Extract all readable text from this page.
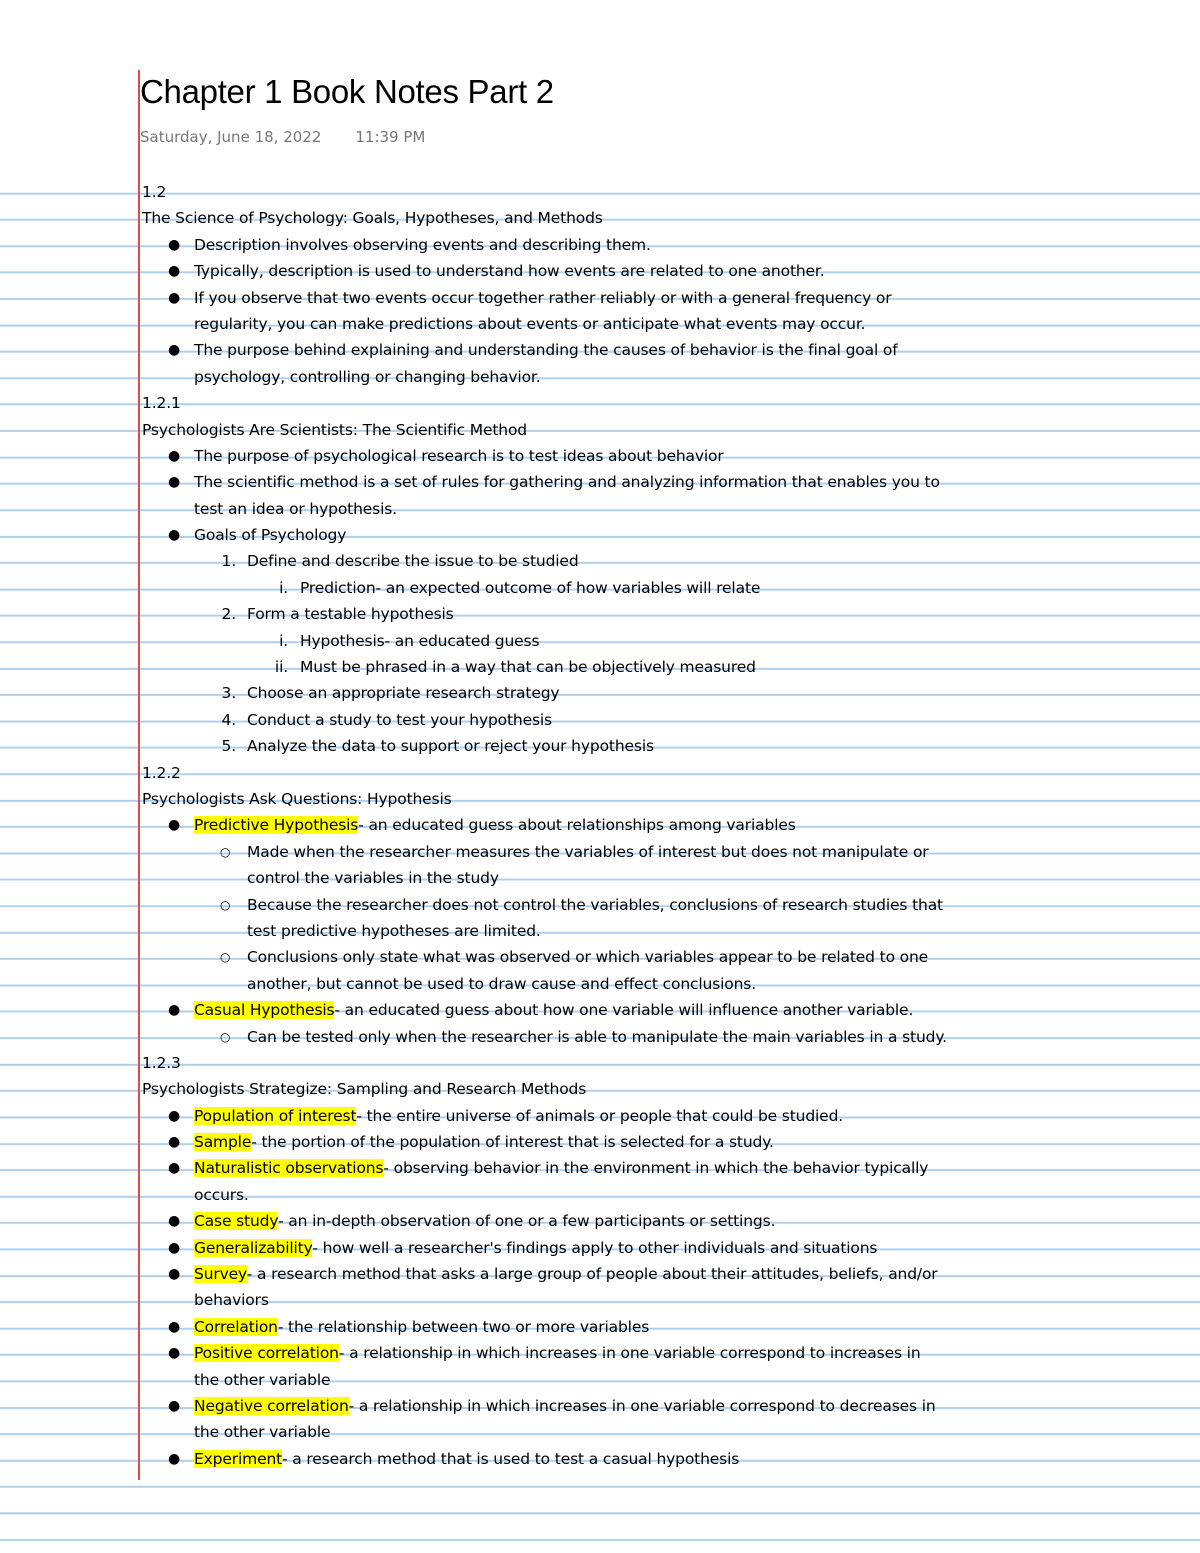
Chapter 1 Book Notes Part 2
Saturday, June 18, 2022 11:39 PM
1.2
The Science of Psychology: Goals, Hypotheses, and Methods
● Description involves observing events and describing them.
● Typically, description is used to understand how events are related to one another.
● If you observe that two events occur together rather reliably or with a general frequency or
regularity, you can make predictions about events or anticipate what events may occur.
● The purpose behind explaining and understanding the causes of behavior is the final goal of
psychology, controlling or changing behavior.
1.2.1
Psychologists Are Scientists: The Scientific Method
● The purpose of psychological research is to test ideas about behavior
● The scientific method is a set of rules for gathering and analyzing information that enables you to
test an idea or hypothesis.
● Goals of Psychology
1. Define and describe the issue to be studied
i. Prediction- an expected outcome of how variables will relate
2. Form a testable hypothesis
i. Hypothesis- an educated guess
ii. Must be phrased in a way that can be objectively measured
3. Choose an appropriate research strategy
4. Conduct a study to test your hypothesis
5. Analyze the data to support or reject your hypothesis
1.2.2
Psychologists Ask Questions: Hypothesis
● Predictive Hypothesis- an educated guess about relationships among variables
○ Made when the researcher measures the variables of interest but does not manipulate or
control the variables in the study
○ Because the researcher does not control the variables, conclusions of research studies that
test predictive hypotheses are limited.
○ Conclusions only state what was observed or which variables appear to be related to one
another, but cannot be used to draw cause and effect conclusions.
● Casual Hypothesis- an educated guess about how one variable will influence another variable.
○ Can be tested only when the researcher is able to manipulate the main variables in a study.
1.2.3
Psychologists Strategize: Sampling and Research Methods
● Population of interest- the entire universe of animals or people that could be studied.
● Sample- the portion of the population of interest that is selected for a study.
● Naturalistic observations- observing behavior in the environment in which the behavior typically
occurs.
● Case study- an in-depth observation of one or a few participants or settings.
● Generalizability- how well a researcher's findings apply to other individuals and situations
● Survey- a research method that asks a large group of people about their attitudes, beliefs, and/or
behaviors
● Correlation- the relationship between two or more variables
● Positive correlation- a relationship in which increases in one variable correspond to increases in
the other variable
● Negative correlation- a relationship in which increases in one variable correspond to decreases in
the other variable
● Experiment- a research method that is used to test a casual hypothesis
